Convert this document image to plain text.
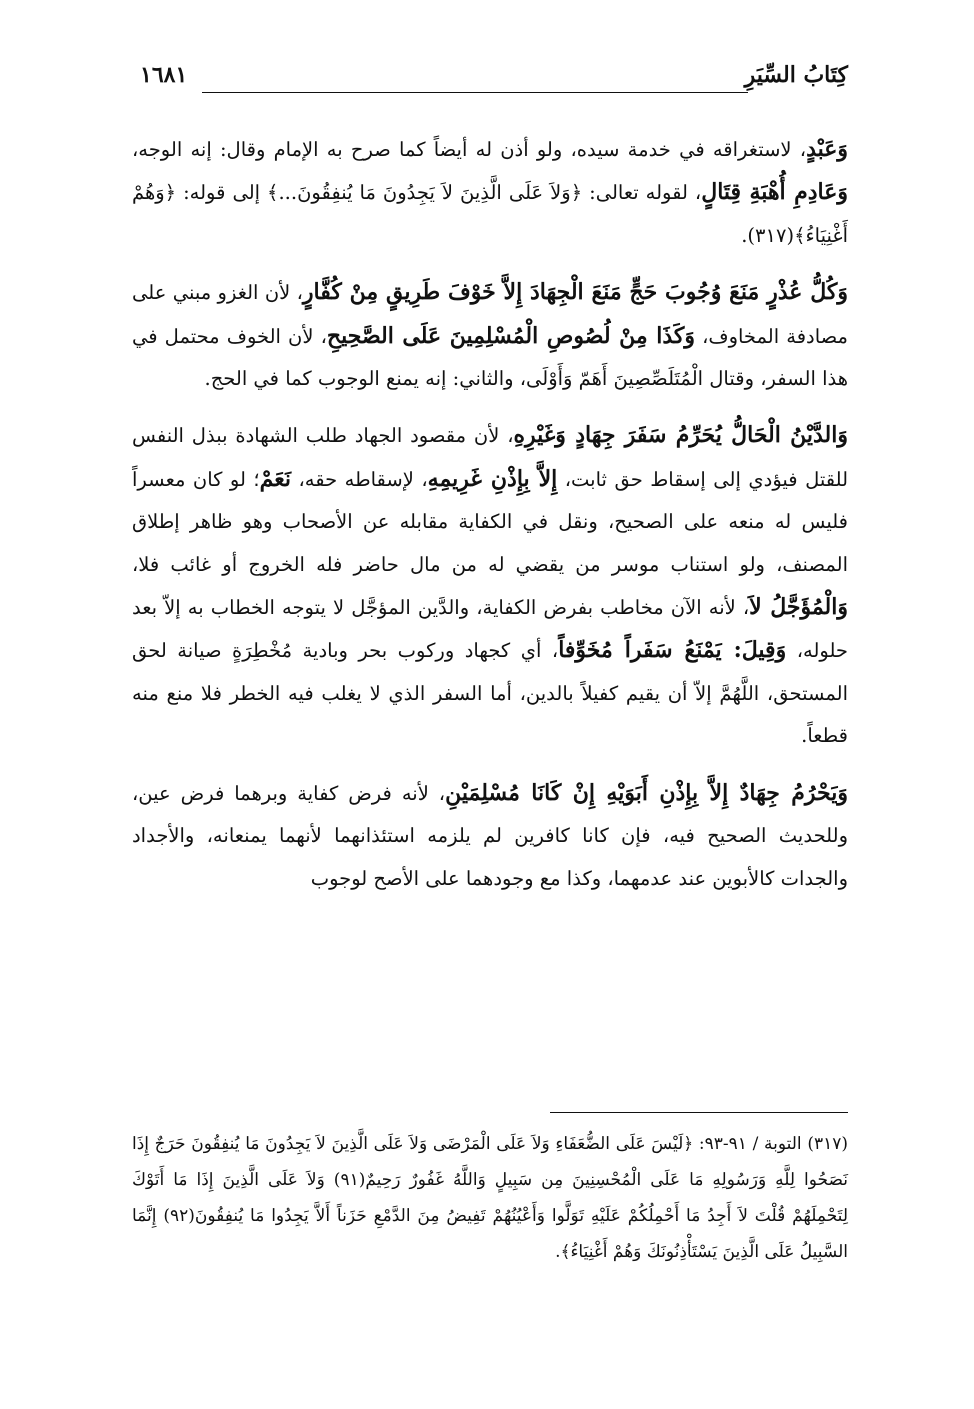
كِتَابُ السِّيَرِ
١٦٨١

وَعَبْدٍ، لاستغراقه في خدمة سيده، ولو أذن له أيضاً كما صرح به الإمام وقال: إنه الوجه، وَعَادِمِ أُهْبَةِ قِتَالٍ، لقوله تعالى: ﴿وَلاَ عَلَى الَّذِينَ لاَ يَجِدُونَ مَا يُنفِقُونَ...﴾ إلى قوله: ﴿وَهُمْ أَغْنِيَاءُ﴾(٣١٧).

وَكُلُّ عُذْرٍ مَنَعَ وُجُوبَ حَجٍّ مَنَعَ الْجِهَادَ إِلاَّ خَوْفَ طَرِيقٍ مِنْ كُفَّارٍ، لأن الغزو مبني على مصادفة المخاوف، وَكَذَا مِنْ لُصُوصِ الْمُسْلِمِينَ عَلَى الصَّحِيحِ، لأن الخوف محتمل في هذا السفر، وقتال الْمُتَلَصِّصِينَ أَهَمّ وَأَوْلَى، والثاني: إنه يمنع الوجوب كما في الحج.

وَالدَّيْنُ الْحَالُّ يُحَرِّمُ سَفَرَ جِهَادٍ وَغَيْرِهِ، لأن مقصود الجهاد طلب الشهادة ببذل النفس للقتل فيؤدي إلى إسقاط حق ثابت، إِلاَّ بِإِذْنِ غَرِيمِهِ، لإسقاطه حقه، نَعَمْ؛ لو كان معسراً فليس له منعه على الصحيح، ونقل في الكفاية مقابله عن الأصحاب وهو ظاهر إطلاق المصنف، ولو استناب موسر من يقضي له من مال حاضر فله الخروج أو غائب فلا، وَالْمُؤَجَّلُ لاَ، لأنه الآن مخاطب بفرض الكفاية، والدَّين المؤجَّل لا يتوجه الخطاب به إلاّ بعد حلوله، وَقِيلَ: يَمْنَعُ سَفَراً مُخَوِّفاً، أي كجهاد وركوب بحر وبادية مُخْطِرَةٍ صيانة لحق المستحق، اللَّهُمَّ إلاّ أن يقيم كفيلاً بالدين، أما السفر الذي لا يغلب فيه الخطر فلا منع منه قطعاً.

وَيَحْرُمُ جِهَادٌ إِلاَّ بِإِذْنِ أَبَوَيْهِ إِنْ كَانَا مُسْلِمَيْنِ، لأنه فرض كفاية وبرهما فرض عين، وللحديث الصحيح فيه، فإن كانا كافرين لم يلزمه استئذانهما لأنهما يمنعانه، والأجداد والجدات كالأبوين عند عدمهما، وكذا مع وجودهما على الأصح لوجوب

(٣١٧) التوبة / ٩١-٩٣: ﴿لَيْسَ عَلَى الضُّعَفَاءِ وَلاَ عَلَى الْمَرْضَى وَلاَ عَلَى الَّذِينَ لاَ يَجِدُونَ مَا يُنفِقُونَ حَرَجٌ إِذَا نَصَحُوا لِلَّهِ وَرَسُولِهِ مَا عَلَى الْمُحْسِنِينَ مِن سَبِيلٍ وَاللَّهُ غَفُورٌ رَحِيمٌ(٩١) وَلاَ عَلَى الَّذِينَ إِذَا مَا أَتَوْكَ لِتَحْمِلَهُمْ قُلْتَ لاَ أَجِدُ مَا أَحْمِلُكُمْ عَلَيْهِ تَوَلَّوا وَأَعْيُنُهُمْ تَفِيضُ مِنَ الدَّمْعِ حَزَناً أَلاَّ يَجِدُوا مَا يُنفِقُونَ(٩٢) إِنَّمَا السَّبِيلُ عَلَى الَّذِينَ يَسْتَأْذِنُونَكَ وَهُمْ أَغْنِيَاءُ﴾.
